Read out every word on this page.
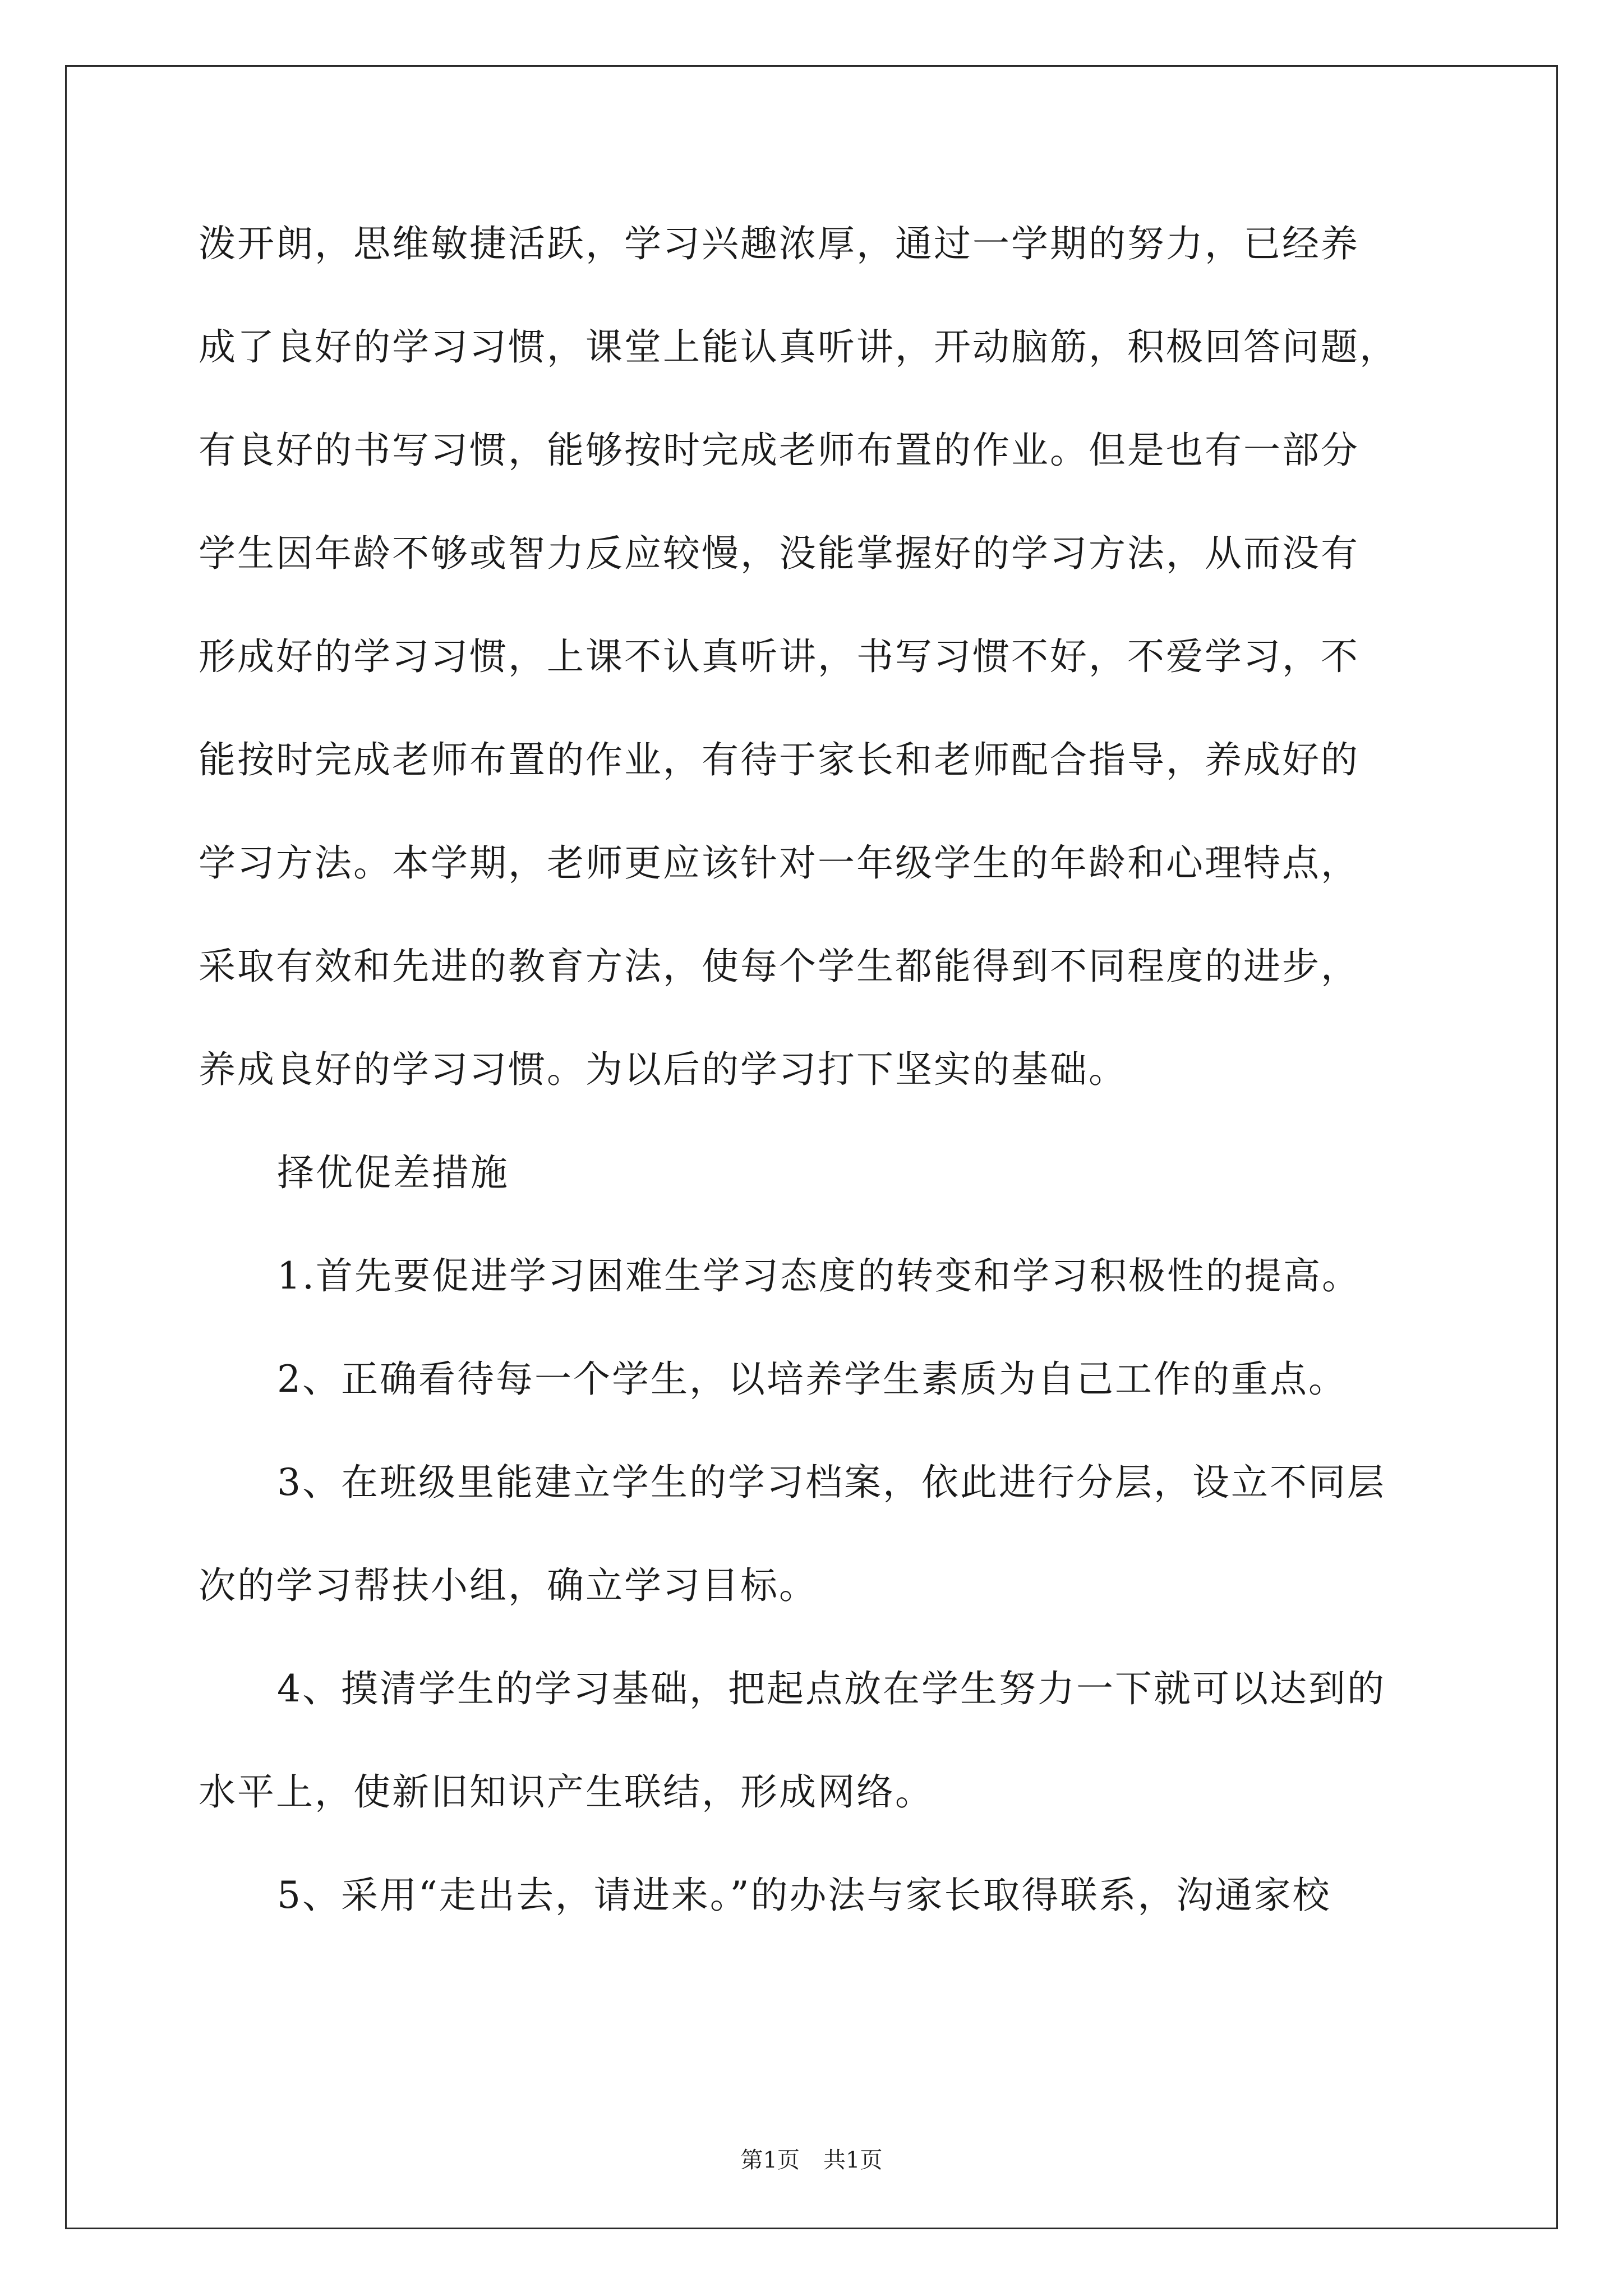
泼开朗，思维敏捷活跃，学习兴趣浓厚，通过一学期的努力，已经养
成了良好的学习习惯，课堂上能认真听讲，开动脑筋，积极回答问题，
有良好的书写习惯，能够按时完成老师布置的作业。但是也有一部分
学生因年龄不够或智力反应较慢，没能掌握好的学习方法，从而没有
形成好的学习习惯，上课不认真听讲，书写习惯不好，不爱学习，不
能按时完成老师布置的作业，有待于家长和老师配合指导，养成好的
学习方法。本学期，老师更应该针对一年级学生的年龄和心理特点，
采取有效和先进的教育方法，使每个学生都能得到不同程度的进步，
养成良好的学习习惯。为以后的学习打下坚实的基础。
择优促差措施
1.首先要促进学习困难生学习态度的转变和学习积极性的提高。
2、正确看待每一个学生，以培养学生素质为自己工作的重点。
3、在班级里能建立学生的学习档案，依此进行分层，设立不同层
次的学习帮扶小组，确立学习目标。
4、摸清学生的学习基础，把起点放在学生努力一下就可以达到的
水平上，使新旧知识产生联结，形成网络。
5、采用“走出去，请进来。”的办法与家长取得联系，沟通家校
第1页 共1页
